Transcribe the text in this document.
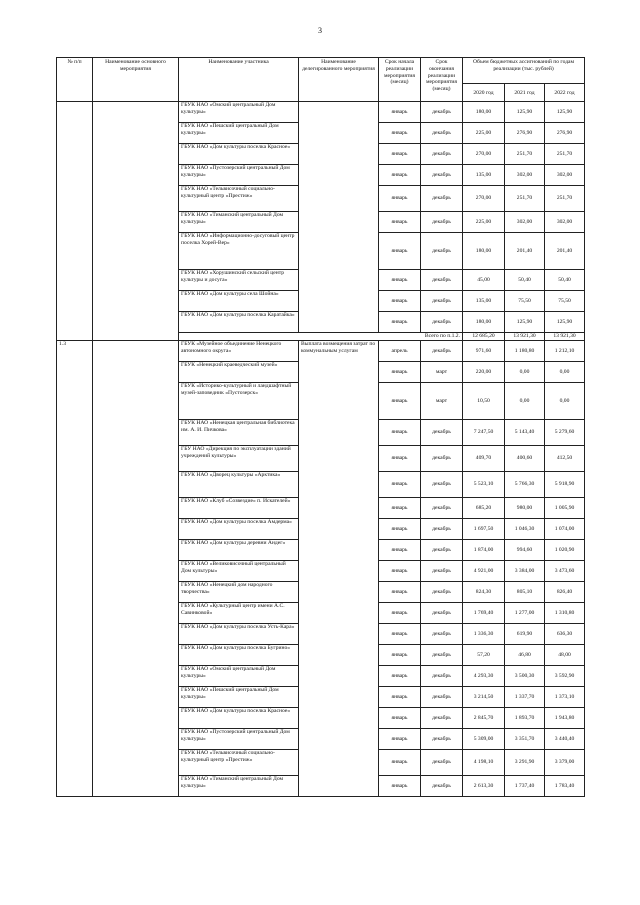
3
№ п/п	Наименование основного мероприятия	Наименование участника	Наименование делегированного мероприятия	Срок начала реализации мероприятия (месяц)	Срок окончания реализации мероприятия (месяц)	Объем бюджетных ассигнований по годам реализации (тыс. рублей)		
						2020 год	2021 год	2022 год
		ГБУК НАО «Омский центральный Дом культуры»		январь	декабрь	180,00	125,90	125,90
		ГБУК НАО «Пешский центральный Дом культуры»		январь	декабрь	225,00	276,90	276,90
		ГБУК НАО «Дом культуры поселка Красное»		январь	декабрь	270,00	251,70	251,70
		ГБУК НАО «Пустозерский центральный Дом культуры»		январь	декабрь	135,00	302,00	302,00
		ГБУК НАО «Тельвисочный социально-культурный центр «Престиж»		январь	декабрь	270,00	251,70	251,70
		ГБУК НАО «Тиманский центральный Дом культуры»		январь	декабрь	225,00	302,00	302,00
		ГБУК НАО «Информационно-досуговый центр поселка Хорей-Вер»		январь	декабрь	180,00	201,40	201,40
		ГБУК НАО «Хорушинский сельский центр культуры и досуга»		январь	декабрь	45,00	50,40	50,40
		ГБУК НАО «Дом культуры села Шойна»		январь	декабрь	135,00	75,50	75,50
		ГБУК НАО «Дом культуры поселка Каратайка»		январь	декабрь	180,00	125,90	125,90
		Всего по п.1.2.				12 685,20	13 921,30	13 921,30
1.3		ГБУК «Музейное объединение Ненецкого автономного округа»	Выплата возмещения затрат по коммунальным услугам	апрель	декабрь	971,60	1 180,80	1 212,10
		ГБУК «Ненецкий краеведческий музей»		январь	март	220,00	0,00	0,00
		ГБУК «Историко-культурный и ландшафтный музей-заповедник «Пустозерск»		январь	март	10,50	0,00	0,00
		ГБУК НАО «Ненецкая центральная библиотека им. А. И. Пичкова»		январь	декабрь	7 247,50	5 143,40	5 279,60
		ГБУ НАО «Дирекция по эксплуатации зданий учреждений культуры»		январь	декабрь	409,70	400,60	412,50
		ГБУК НАО «Дворец культуры «Арктика»		январь	декабрь	5 523,10	5 766,30	5 918,90
		ГБУК НАО «Клуб «Созвездие» п. Искателей»		январь	декабрь	685,20	980,00	1 005,90
		ГБУК НАО «Дом культуры поселка Амдерма»		январь	декабрь	1 697,50	1 046,30	1 074,00
		ГБУК НАО «Дом культуры деревни Андег»		январь	декабрь	1 874,00	994,60	1 020,90
		ГБУК НАО «Великовисочный центральный Дом культуры»		январь	декабрь	4 921,00	3 384,00	3 473,60
		ГБУК НАО «Ненецкий дом народного творчества»		январь	декабрь	824,30	805,10	826,40
		ГБУК НАО «Культурный центр имени А.С. Савинковой»		январь	декабрь	1 769,40	1 277,00	1 310,80
		ГБУК НАО «Дом культуры поселка Усть-Кара»		январь	декабрь	1 336,30	619,90	636,30
		ГБУК НАО «Дом культуры поселка Бугрино»		январь	декабрь	57,20	46,80	48,00
		ГБУК НАО «Омский центральный Дом культуры»		январь	декабрь	4 293,30	3 500,30	3 592,90
		ГБУК НАО «Пешский центральный Дом культуры»		январь	декабрь	3 214,50	1 337,70	1 373,10
		ГБУК НАО «Дом культуры поселка Красное»		январь	декабрь	2 845,70	1 893,70	1 943,80
		ГБУК НАО «Пустозерский центральный Дом культуры»		январь	декабрь	5 309,00	3 351,70	3 440,40
		ГБУК НАО «Тельвисочный социально-культурный центр «Престиж»		январь	декабрь	4 198,10	3 291,90	3 379,00
		ГБУК НАО «Тиманский центральный Дом культуры»		январь	декабрь	2 613,30	1 737,40	1 783,40
